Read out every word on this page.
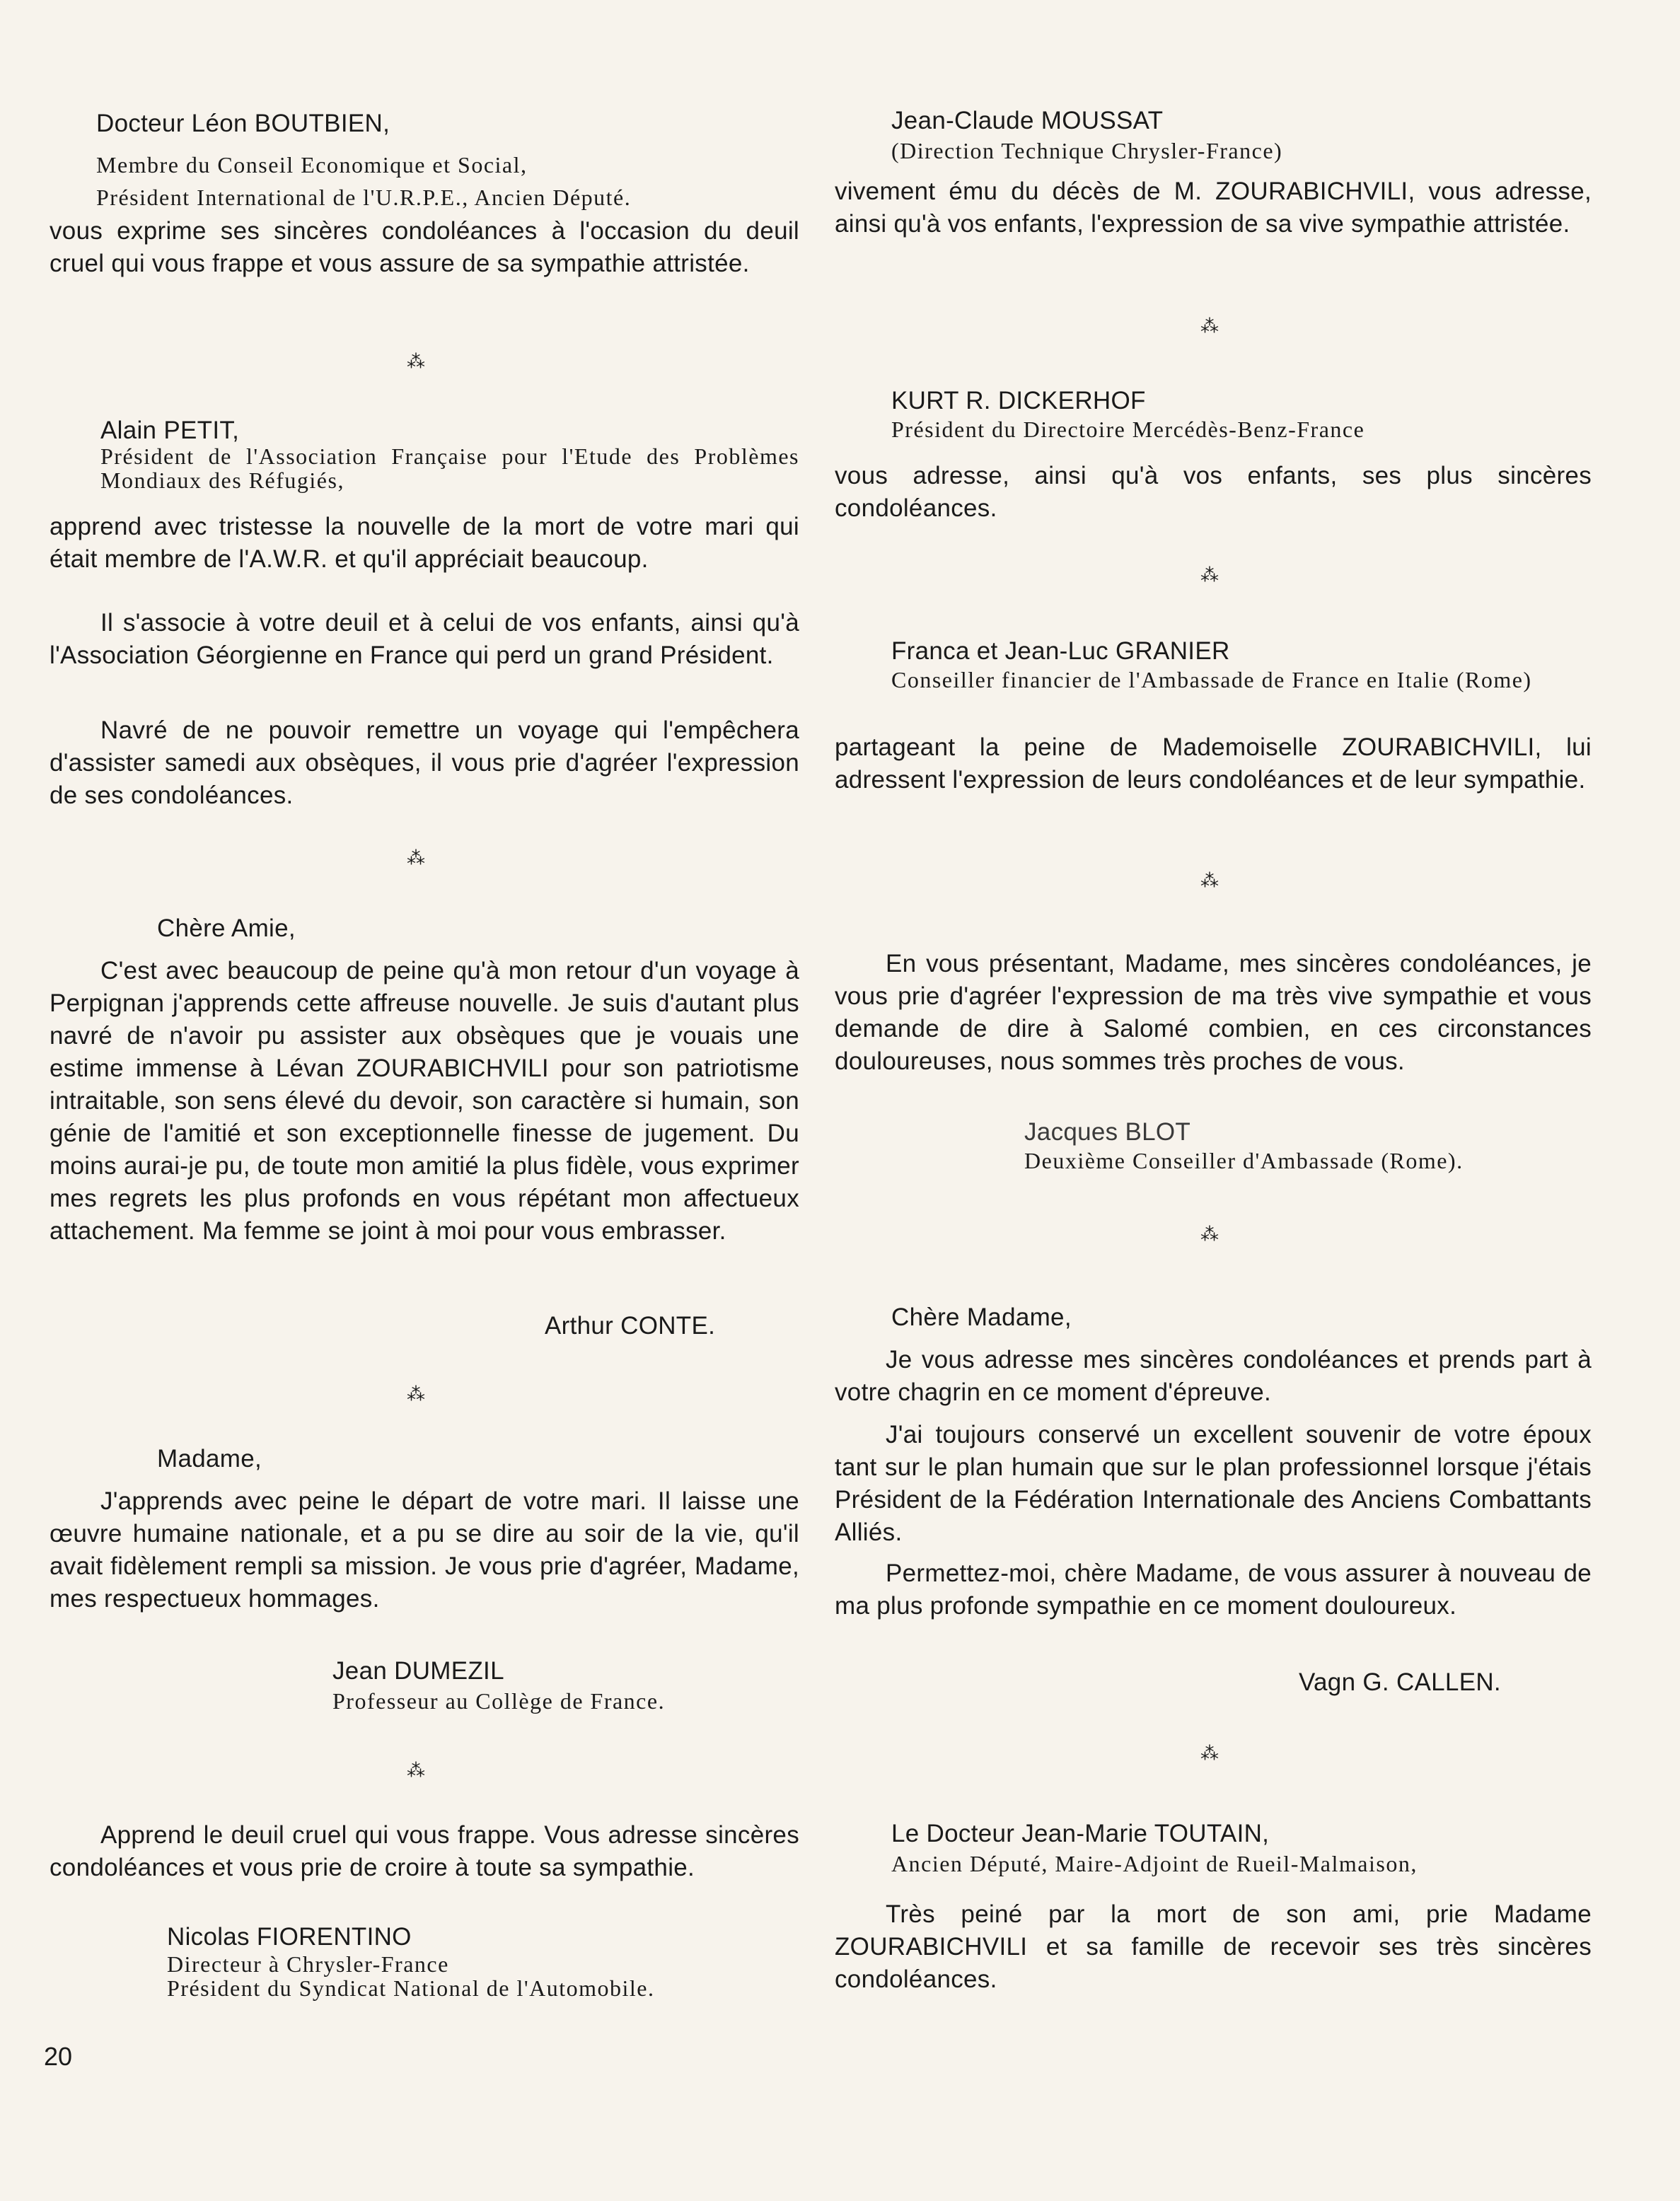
Docteur Léon BOUTBIEN,

Membre du Conseil Economique et Social,

Président International de l'U.R.P.E., Ancien Député.

vous exprime ses sincères condoléances à l'occasion du deuil cruel qui vous frappe et vous assure de sa sympathie attristée.

⁂

Alain PETIT,

Président de l'Association Française pour l'Etude des Problèmes Mondiaux des Réfugiés,

apprend avec tristesse la nouvelle de la mort de votre mari qui était membre de l'A.W.R. et qu'il appréciait beaucoup.

Il s'associe à votre deuil et à celui de vos enfants, ainsi qu'à l'Association Géorgienne en France qui perd un grand Président.

Navré de ne pouvoir remettre un voyage qui l'empêchera d'assister samedi aux obsèques, il vous prie d'agréer l'expression de ses condoléances.

⁂

Chère Amie,

C'est avec beaucoup de peine qu'à mon retour d'un voyage à Perpignan j'apprends cette affreuse nouvelle. Je suis d'autant plus navré de n'avoir pu assister aux obsèques que je vouais une estime immense à Lévan ZOURABICHVILI pour son patriotisme intraitable, son sens élevé du devoir, son caractère si humain, son génie de l'amitié et son exceptionnelle finesse de jugement. Du moins aurai-je pu, de toute mon amitié la plus fidèle, vous exprimer mes regrets les plus profonds en vous répétant mon affectueux attachement. Ma femme se joint à moi pour vous embrasser.

Arthur CONTE.

⁂

Madame,

J'apprends avec peine le départ de votre mari. Il laisse une œuvre humaine nationale, et a pu se dire au soir de la vie, qu'il avait fidèlement rempli sa mission. Je vous prie d'agréer, Madame, mes respectueux hommages.

Jean DUMEZIL

Professeur au Collège de France.

⁂

Apprend le deuil cruel qui vous frappe. Vous adresse sincères condoléances et vous prie de croire à toute sa sympathie.

Nicolas FIORENTINO

Directeur à Chrysler-France

Président du Syndicat National de l'Automobile.

Jean-Claude MOUSSAT

(Direction Technique Chrysler-France)

vivement ému du décès de M. ZOURABICHVILI, vous adresse, ainsi qu'à vos enfants, l'expression de sa vive sympathie attristée.

⁂

KURT R. DICKERHOF

Président du Directoire Mercédès-Benz-France

vous adresse, ainsi qu'à vos enfants, ses plus sincères condoléances.

⁂

Franca et Jean-Luc GRANIER

Conseiller financier de l'Ambassade de France en Italie (Rome)

partageant la peine de Mademoiselle ZOURABICHVILI, lui adressent l'expression de leurs condoléances et de leur sympathie.

⁂

En vous présentant, Madame, mes sincères condoléances, je vous prie d'agréer l'expression de ma très vive sympathie et vous demande de dire à Salomé combien, en ces circonstances douloureuses, nous sommes très proches de vous.

Jacques BLOT

Deuxième Conseiller d'Ambassade (Rome).

⁂

Chère Madame,

Je vous adresse mes sincères condoléances et prends part à votre chagrin en ce moment d'épreuve.

J'ai toujours conservé un excellent souvenir de votre époux tant sur le plan humain que sur le plan professionnel lorsque j'étais Président de la Fédération Internationale des Anciens Combattants Alliés.

Permettez-moi, chère Madame, de vous assurer à nouveau de ma plus profonde sympathie en ce moment douloureux.

Vagn G. CALLEN.

⁂

Le Docteur Jean-Marie TOUTAIN,

Ancien Député, Maire-Adjoint de Rueil-Malmaison,

Très peiné par la mort de son ami, prie Madame ZOURABICHVILI et sa famille de recevoir ses très sincères condoléances.

20
